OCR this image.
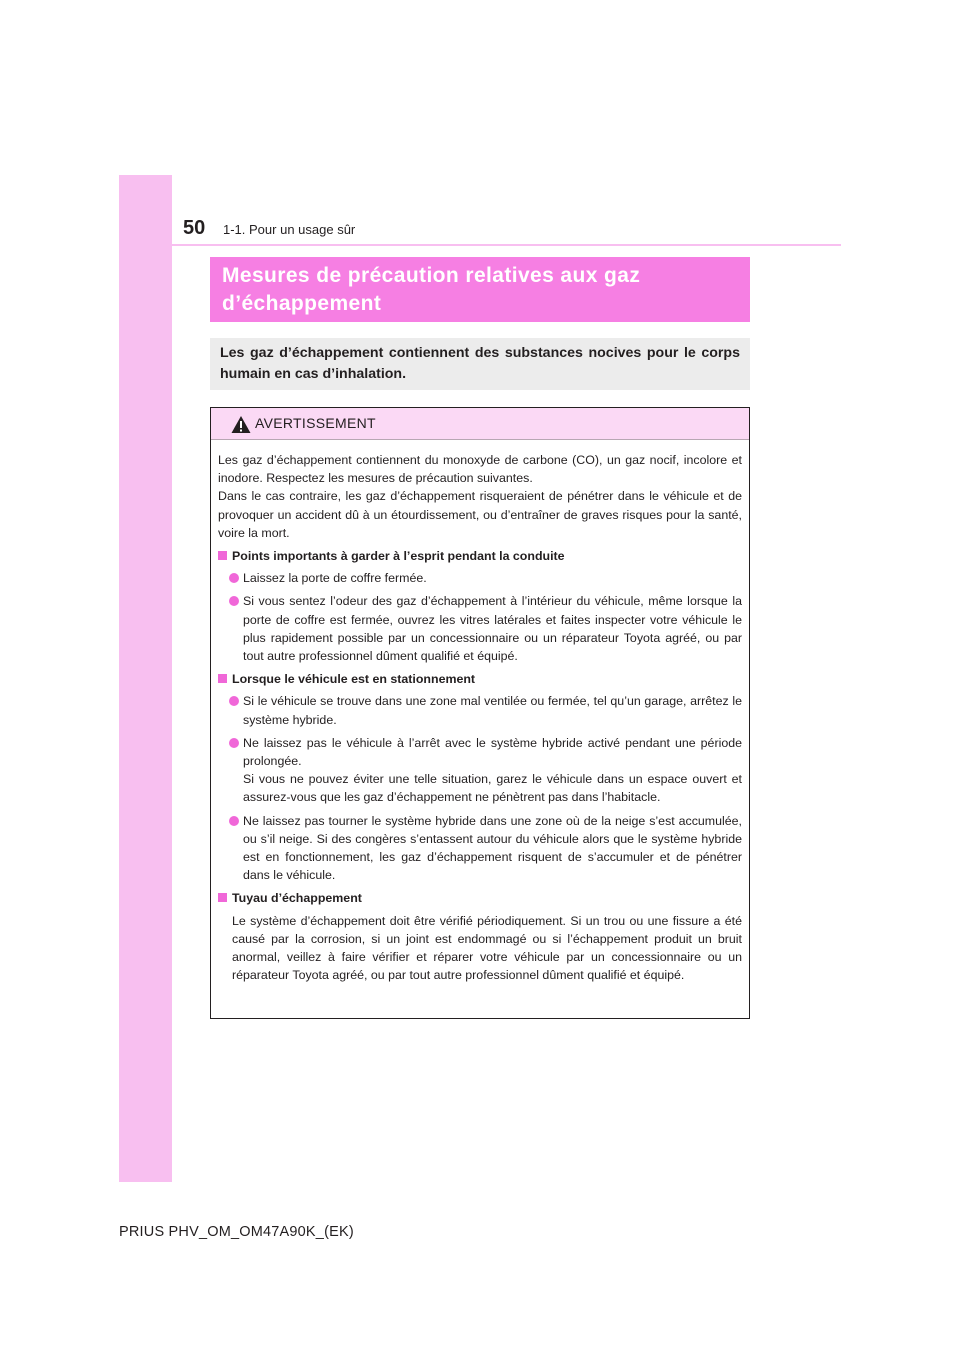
50 1-1. Pour un usage sûr
Mesures de précaution relatives aux gaz d’échappement

Les gaz d’échappement contiennent des substances nocives pour le corps humain en cas d’inhalation.

AVERTISSEMENT

Les gaz d’échappement contiennent du monoxyde de carbone (CO), un gaz nocif, incolore et inodore. Respectez les mesures de précaution suivantes.

Dans le cas contraire, les gaz d’échappement risqueraient de pénétrer dans le véhicule et de provoquer un accident dû à un étourdissement, ou d’entraîner de graves risques pour la santé, voire la mort.

Points importants à garder à l’esprit pendant la conduite
Laissez la porte de coffre fermée.
Si vous sentez l’odeur des gaz d’échappement à l’intérieur du véhicule, même lorsque la porte de coffre est fermée, ouvrez les vitres latérales et faites inspecter votre véhicule le plus rapidement possible par un concessionnaire ou un réparateur Toyota agréé, ou par tout autre professionnel dûment qualifié et équipé.
Lorsque le véhicule est en stationnement
Si le véhicule se trouve dans une zone mal ventilée ou fermée, tel qu’un garage, arrêtez le système hybride.
Ne laissez pas le véhicule à l’arrêt avec le système hybride activé pendant une période prolongée.
Si vous ne pouvez éviter une telle situation, garez le véhicule dans un espace ouvert et assurez-vous que les gaz d’échappement ne pénètrent pas dans l’habitacle.
Ne laissez pas tourner le système hybride dans une zone où de la neige s’est accumulée, ou s’il neige. Si des congères s’entassent autour du véhicule alors que le système hybride est en fonctionnement, les gaz d’échappement risquent de s’accumuler et de pénétrer dans le véhicule.
Tuyau d’échappement

Le système d’échappement doit être vérifié périodiquement. Si un trou ou une fissure a été causé par la corrosion, si un joint est endommagé ou si l’échappement produit un bruit anormal, veillez à faire vérifier et réparer votre véhicule par un concessionnaire ou un réparateur Toyota agréé, ou par tout autre professionnel dûment qualifié et équipé.

PRIUS PHV_OM_OM47A90K_(EK)
